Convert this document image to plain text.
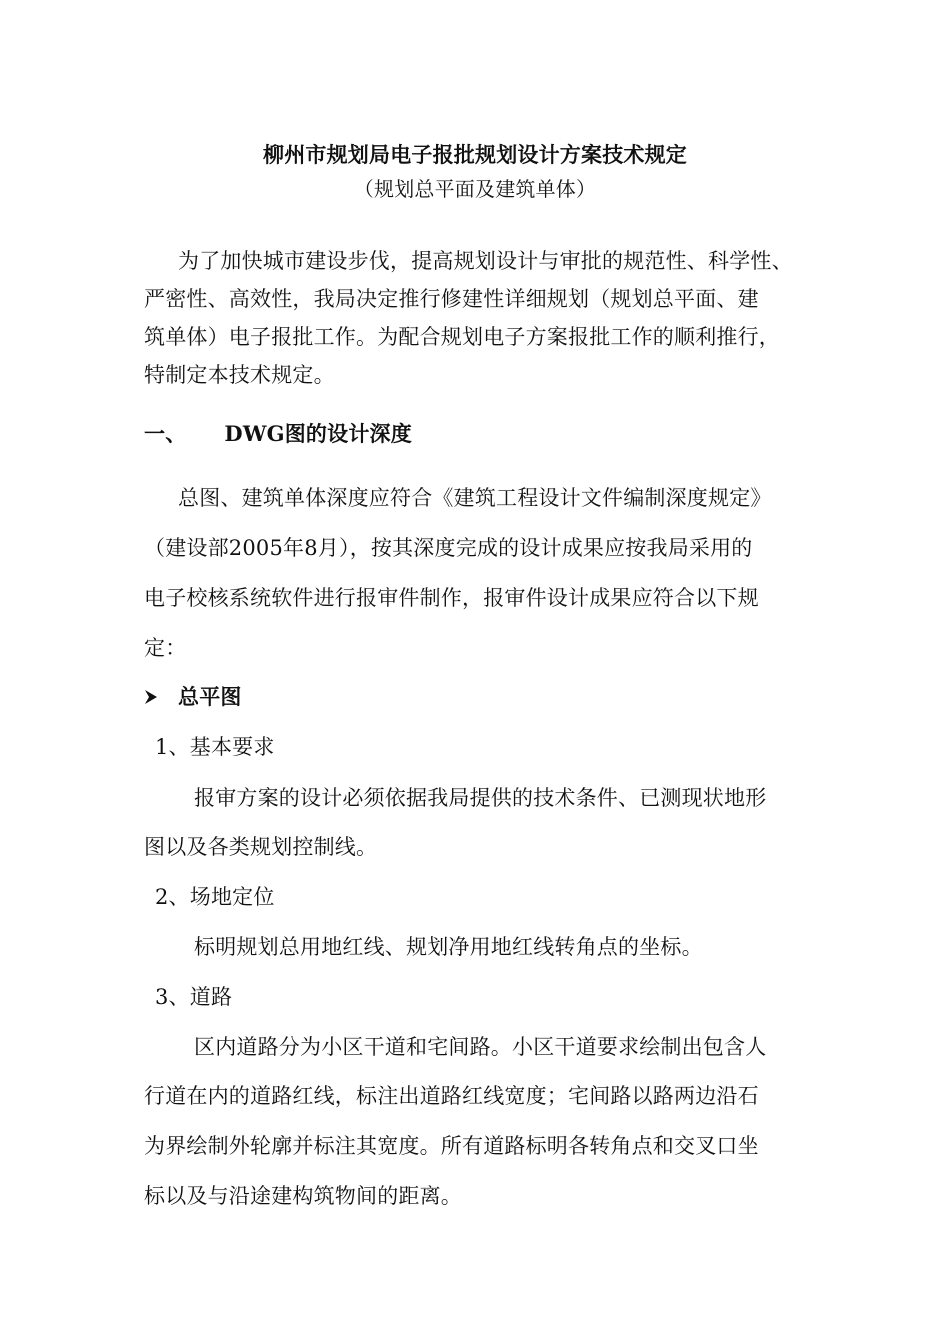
柳州市规划局电子报批规划设计方案技术规定
（规划总平面及建筑单体）
为了加快城市建设步伐，提高规划设计与审批的规范性、科学性、
严密性、高效性，我局决定推行修建性详细规划（规划总平面、建
筑单体）电子报批工作。为配合规划电子方案报批工作的顺利推行，
特制定本技术规定。
一、 DWG图的设计深度
总图、建筑单体深度应符合《建筑工程设计文件编制深度规定》
（建设部2005年8月），按其深度完成的设计成果应按我局采用的
电子校核系统软件进行报审件制作，报审件设计成果应符合以下规
定：
总平图
1、基本要求
报审方案的设计必须依据我局提供的技术条件、已测现状地形
图以及各类规划控制线。
2、场地定位
标明规划总用地红线、规划净用地红线转角点的坐标。
3、道路
区内道路分为小区干道和宅间路。小区干道要求绘制出包含人
行道在内的道路红线，标注出道路红线宽度；宅间路以路两边沿石
为界绘制外轮廓并标注其宽度。所有道路标明各转角点和交叉口坐
标以及与沿途建构筑物间的距离。
